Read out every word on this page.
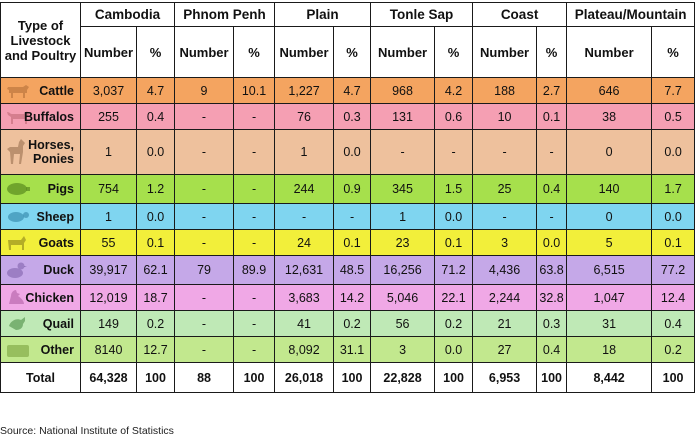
Type of Livestock and Poultry	Cambodia		Phnom Penh		Plain		Tonle Sap		Coast		Plateau/Mountain	
	Number	%	Number	%	Number	%	Number	%	Number	%	Number	%

Cattle	3,037	4.7	9	10.1	1,227	4.7	968	4.2	188	2.7	646	7.7

Buffalos	255	0.4	-	-	76	0.3	131	0.6	10	0.1	38	0.5

Horses, Ponies	1	0.0	-	-	1	0.0	-	-	-	-	0	0.0

Pigs	754	1.2	-	-	244	0.9	345	1.5	25	0.4	140	1.7

Sheep	1	0.0	-	-	-	-	1	0.0	-	-	0	0.0

Goats	55	0.1	-	-	24	0.1	23	0.1	3	0.0	5	0.1

Duck	39,917	62.1	79	89.9	12,631	48.5	16,256	71.2	4,436	63.8	6,515	77.2

Chicken	12,019	18.7	-	-	3,683	14.2	5,046	22.1	2,244	32.8	1,047	12.4

Quail	149	0.2	-	-	41	0.2	56	0.2	21	0.3	31	0.4

Other	8140	12.7	-	-	8,092	31.1	3	0.0	27	0.4	18	0.2
Total	64,328	100	88	100	26,018	100	22,828	100	6,953	100	8,442	100
Source: National Institute of Statistics
